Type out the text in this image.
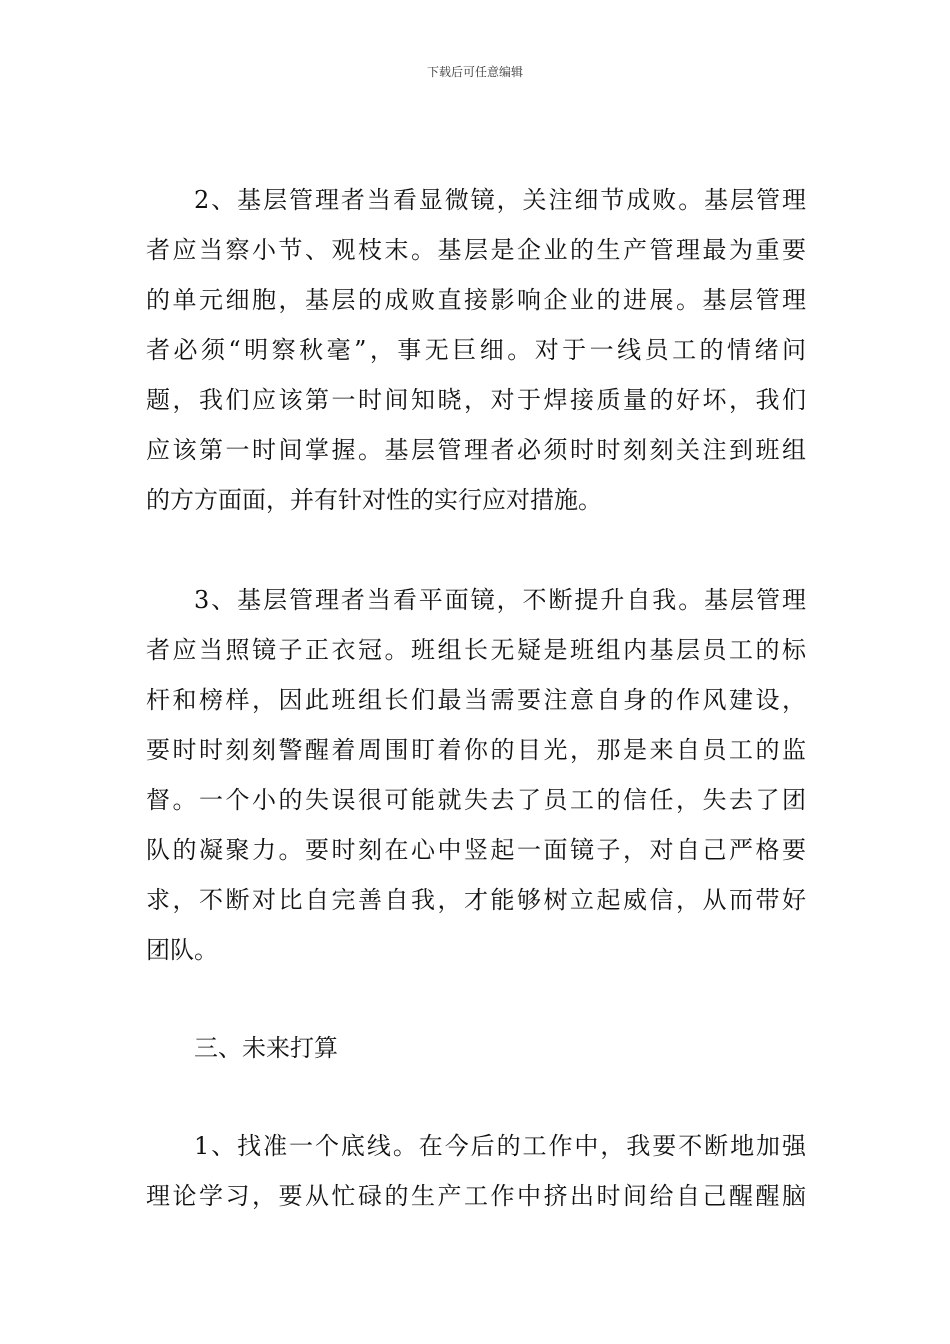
下载后可任意编辑
2、基层管理者当看显微镜，关注细节成败。基层管理
者应当察小节、观枝末。基层是企业的生产管理最为重要
的单元细胞，基层的成败直接影响企业的进展。基层管理
者必须“明察秋毫”，事无巨细。对于一线员工的情绪问
题，我们应该第一时间知晓，对于焊接质量的好坏，我们
应该第一时间掌握。基层管理者必须时时刻刻关注到班组
的方方面面，并有针对性的实行应对措施。
3、基层管理者当看平面镜，不断提升自我。基层管理
者应当照镜子正衣冠。班组长无疑是班组内基层员工的标
杆和榜样，因此班组长们最当需要注意自身的作风建设，
要时时刻刻警醒着周围盯着你的目光，那是来自员工的监
督。一个小的失误很可能就失去了员工的信任，失去了团
队的凝聚力。要时刻在心中竖起一面镜子，对自己严格要
求，不断对比自完善自我，才能够树立起威信，从而带好
团队。
三、未来打算
1、找准一个底线。在今后的工作中，我要不断地加强
理论学习，要从忙碌的生产工作中挤出时间给自己醒醒脑
